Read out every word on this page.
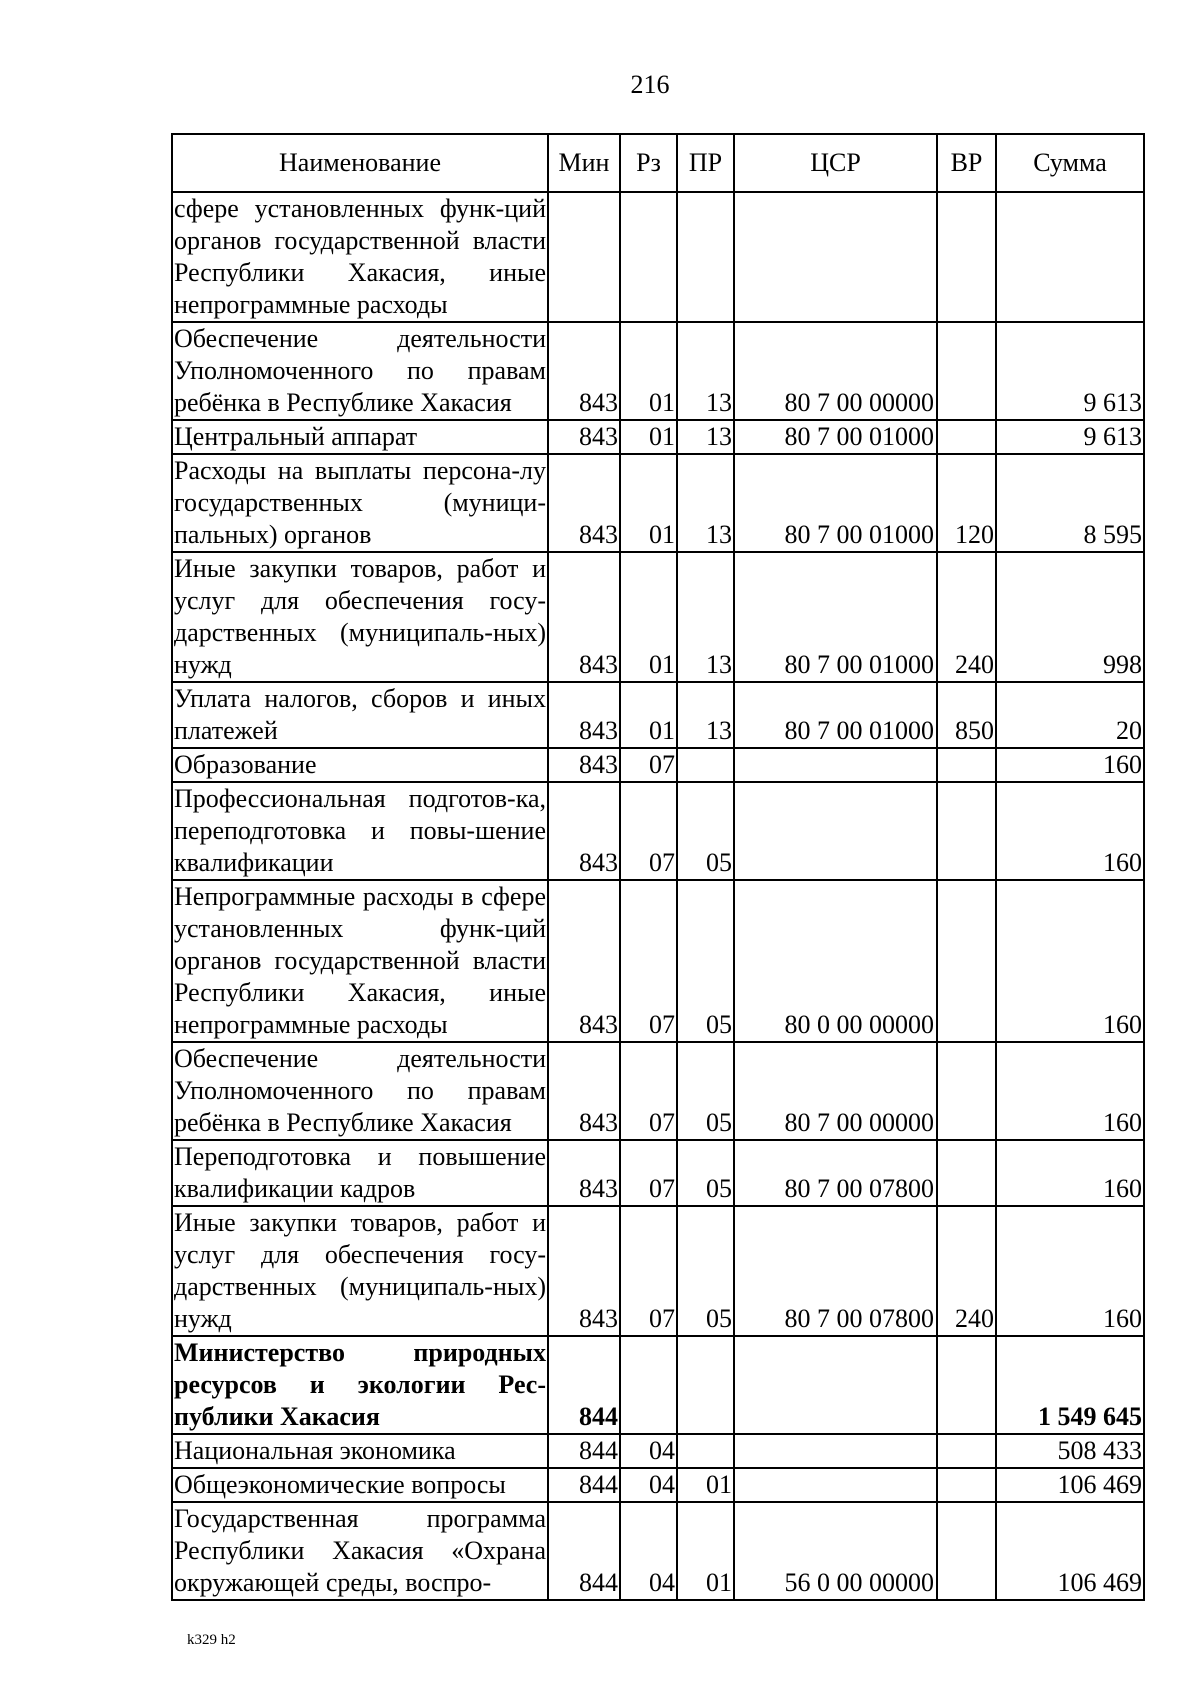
216
Наименование	Мин	Рз	ПР	ЦСР	ВР	Сумма
сфере установленных функ-ций органов государственной власти Республики Хакасия, иные непрограммные расходы						
Обеспечение деятельности Уполномоченного по правам ребёнка в Республике Хакасия	843	01	13	80 7 00 00000		9 613
Центральный аппарат	843	01	13	80 7 00 01000		9 613
Расходы на выплаты персона-лу государственных (муници-пальных) органов	843	01	13	80 7 00 01000	120	8 595
Иные закупки товаров, работ и услуг для обеспечения госу-дарственных (муниципаль-ных) нужд	843	01	13	80 7 00 01000	240	998
Уплата налогов, сборов и иных платежей	843	01	13	80 7 00 01000	850	20
Образование	843	07				160
Профессиональная подготов-ка, переподготовка и повы-шение квалификации	843	07	05			160
Непрограммные расходы в сфере установленных функ-ций органов государственной власти Республики Хакасия, иные непрограммные расходы	843	07	05	80 0 00 00000		160
Обеспечение деятельности Уполномоченного по правам ребёнка в Республике Хакасия	843	07	05	80 7 00 00000		160
Переподготовка и повышение квалификации кадров	843	07	05	80 7 00 07800		160
Иные закупки товаров, работ и услуг для обеспечения госу-дарственных (муниципаль-ных) нужд	843	07	05	80 7 00 07800	240	160
Министерство природных ресурсов и экологии Рес-публики Хакасия	844					1 549 645
Национальная экономика	844	04				508 433
Общеэкономические вопросы	844	04	01			106 469
Государственная программа Республики Хакасия «Охрана окружающей среды, воспро-	844	04	01	56 0 00 00000		106 469
k329 h2
